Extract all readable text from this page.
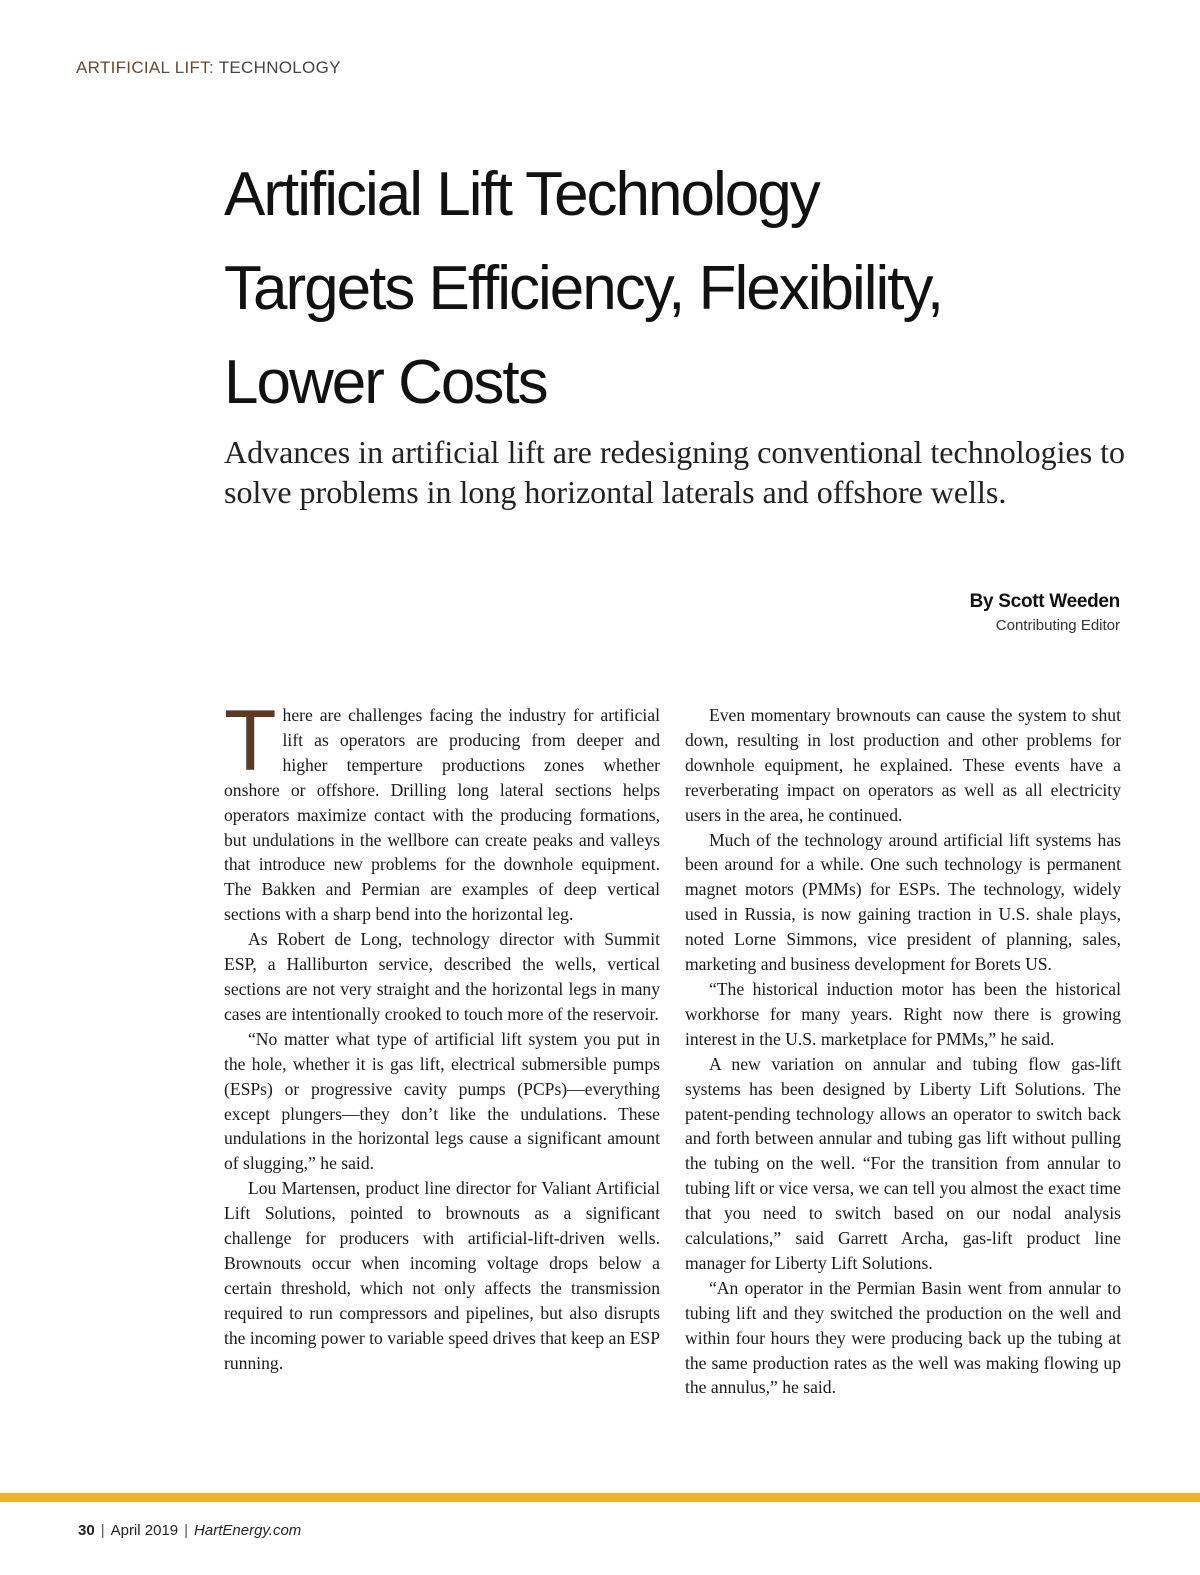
ARTIFICIAL LIFT: TECHNOLOGY
Artificial Lift Technology
Targets Efficiency, Flexibility,
Lower Costs

Advances in artificial lift are redesigning conventional technologies to solve problems in long horizontal laterals and offshore wells.

By Scott Weeden
Contributing Editor

There are challenges facing the industry for artificial lift as operators are producing from deeper and higher temperture productions zones whether onshore or offshore. Drilling long lateral sections helps operators maximize contact with the producing formations, but undulations in the wellbore can create peaks and valleys that introduce new problems for the downhole equipment. The Bakken and Permian are examples of deep vertical sections with a sharp bend into the horizontal leg.

As Robert de Long, technology director with Summit ESP, a Halliburton service, described the wells, vertical sections are not very straight and the horizontal legs in many cases are intentionally crooked to touch more of the reservoir.

“No matter what type of artificial lift system you put in the hole, whether it is gas lift, electrical submersible pumps (ESPs) or progressive cavity pumps (PCPs)—everything except plungers—they don’t like the undulations. These undulations in the horizontal legs cause a significant amount of slugging,” he said.

Lou Martensen, product line director for Valiant Artificial Lift Solutions, pointed to brownouts as a significant challenge for producers with artificial-lift-driven wells. Brownouts occur when incoming voltage drops below a certain threshold, which not only affects the transmission required to run compressors and pipelines, but also disrupts the incoming power to variable speed drives that keep an ESP running.

Even momentary brownouts can cause the system to shut down, resulting in lost production and other problems for downhole equipment, he explained. These events have a reverberating impact on operators as well as all electricity users in the area, he continued.

Much of the technology around artificial lift systems has been around for a while. One such technology is permanent magnet motors (PMMs) for ESPs. The technology, widely used in Russia, is now gaining traction in U.S. shale plays, noted Lorne Simmons, vice president of planning, sales, marketing and business development for Borets US.

“The historical induction motor has been the historical workhorse for many years. Right now there is growing interest in the U.S. marketplace for PMMs,” he said.

A new variation on annular and tubing flow gas-lift systems has been designed by Liberty Lift Solutions. The patent-pending technology allows an operator to switch back and forth between annular and tubing gas lift without pulling the tubing on the well. “For the transition from annular to tubing lift or vice versa, we can tell you almost the exact time that you need to switch based on our nodal analysis calculations,” said Garrett Archa, gas-lift product line manager for Liberty Lift Solutions.

“An operator in the Permian Basin went from annular to tubing lift and they switched the production on the well and within four hours they were producing back up the tubing at the same production rates as the well was making flowing up the annulus,” he said.

30 | April 2019 | HartEnergy.com
